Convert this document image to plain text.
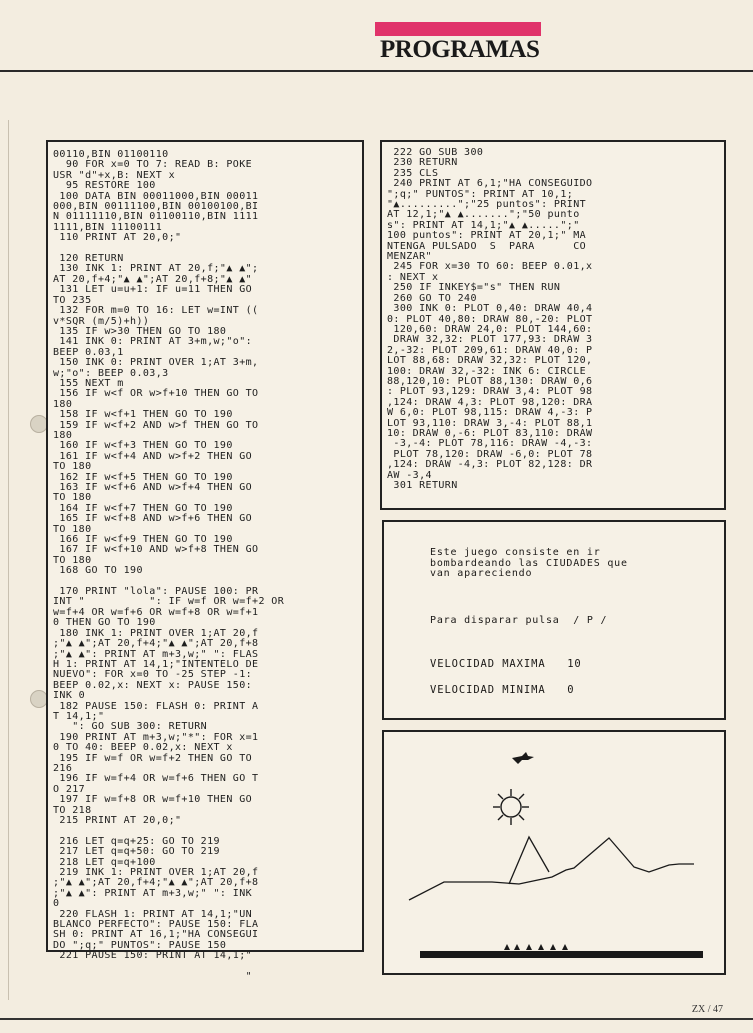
PROGRAMAS
00110,BIN 01100110
90 FOR x=0 TO 7: READ B: POKE
USR "d"+x,B: NEXT x
95 RESTORE 100
100 DATA BIN 00011000,BIN 00011
000,BIN 00111100,BIN 00100100,BI
N 01111110,BIN 01100110,BIN 1111
1111,BIN 11100111
110 PRINT AT 20,0;"

120 RETURN
130 INK 1: PRINT AT 20,f;"▲ ▲";
AT 20,f+4;"▲ ▲";AT 20,f+8;"▲ ▲"
131 LET u=u+1: IF u=11 THEN GO
TO 235
132 FOR m=0 TO 16: LET w=INT ((
v*SQR (m/5)+h))
135 IF w>30 THEN GO TO 180
141 INK 0: PRINT AT 3+m,w;"o":
BEEP 0.03,1
150 INK 0: PRINT OVER 1;AT 3+m,
w;"o": BEEP 0.03,3
155 NEXT m
156 IF w<f OR w>f+10 THEN GO TO
180
158 IF w<f+1 THEN GO TO 190
159 IF w<f+2 AND w>f THEN GO TO
180
160 IF w<f+3 THEN GO TO 190
161 IF w<f+4 AND w>f+2 THEN GO
TO 180
162 IF w<f+5 THEN GO TO 190
163 IF w<f+6 AND w>f+4 THEN GO
TO 180
164 IF w<f+7 THEN GO TO 190
165 IF w<f+8 AND w>f+6 THEN GO
TO 180
166 IF w<f+9 THEN GO TO 190
167 IF w<f+10 AND w>f+8 THEN GO
TO 180
168 GO TO 190

170 PRINT "lola": PAUSE 100: PR
INT "          ": IF w=f OR w=f+2 OR
w=f+4 OR w=f+6 OR w=f+8 OR w=f+1
0 THEN GO TO 190
180 INK 1: PRINT OVER 1;AT 20,f
;"▲ ▲";AT 20,f+4;"▲ ▲";AT 20,f+8
;"▲ ▲": PRINT AT m+3,w;" ": FLAS
H 1: PRINT AT 14,1;"INTENTELO DE
NUEVO": FOR x=0 TO -25 STEP -1:
BEEP 0.02,x: NEXT x: PAUSE 150:
INK 0
182 PAUSE 150: FLASH 0: PRINT A
T 14,1;"
": GO SUB 300: RETURN
190 PRINT AT m+3,w;"*": FOR x=1
0 TO 40: BEEP 0.02,x: NEXT x
195 IF w=f OR w=f+2 THEN GO TO
216
196 IF w=f+4 OR w=f+6 THEN GO T
O 217
197 IF w=f+8 OR w=f+10 THEN GO
TO 218
215 PRINT AT 20,0;"

216 LET q=q+25: GO TO 219
217 LET q=q+50: GO TO 219
218 LET q=q+100
219 INK 1: PRINT OVER 1;AT 20,f
;"▲ ▲";AT 20,f+4;"▲ ▲";AT 20,f+8
;"▲ ▲": PRINT AT m+3,w;" ": INK
0
220 FLASH 1: PRINT AT 14,1;"UN
BLANCO PERFECTO": PAUSE 150: FLA
SH 0: PRINT AT 16,1;"HA CONSEGUI
DO ";q;" PUNTOS": PAUSE 150
221 PAUSE 150: PRINT AT 14,1;"

"
222 GO SUB 300
230 RETURN
235 CLS
240 PRINT AT 6,1;"HA CONSEGUIDO
";q;" PUNTOS": PRINT AT 10,1;
"▲.........";"25 puntos": PRINT
AT 12,1;"▲ ▲.......";"50 punto
s": PRINT AT 14,1;"▲ ▲.....";"
100 puntos": PRINT AT 20,1;" MA
NTENGA PULSADO  S  PARA      CO
MENZAR"
245 FOR x=30 TO 60: BEEP 0.01,x
: NEXT x
250 IF INKEY$="s" THEN RUN
260 GO TO 240
300 INK 0: PLOT 0,40: DRAW 40,4
0: PLOT 40,80: DRAW 80,-20: PLOT
120,60: DRAW 24,0: PLOT 144,60:
DRAW 32,32: PLOT 177,93: DRAW 3
2,-32: PLOT 209,61: DRAW 40,0: P
LOT 88,68: DRAW 32,32: PLOT 120,
100: DRAW 32,-32: INK 6: CIRCLE
88,120,10: PLOT 88,130: DRAW 0,6
: PLOT 93,129: DRAW 3,4: PLOT 98
,124: DRAW 4,3: PLOT 98,120: DRA
W 6,0: PLOT 98,115: DRAW 4,-3: P
LOT 93,110: DRAW 3,-4: PLOT 88,1
10: DRAW 0,-6: PLOT 83,110: DRAW
-3,-4: PLOT 78,116: DRAW -4,-3:
PLOT 78,120: DRAW -6,0: PLOT 78
,124: DRAW -4,3: PLOT 82,128: DR
AW -3,4
301 RETURN
Este juego consiste en ir
bombardeando las CIUDADES que
van apareciendo
Para disparar pulsa  / P /
VELOCIDAD MAXIMA   10
VELOCIDAD MINIMA   0
ZX / 47
